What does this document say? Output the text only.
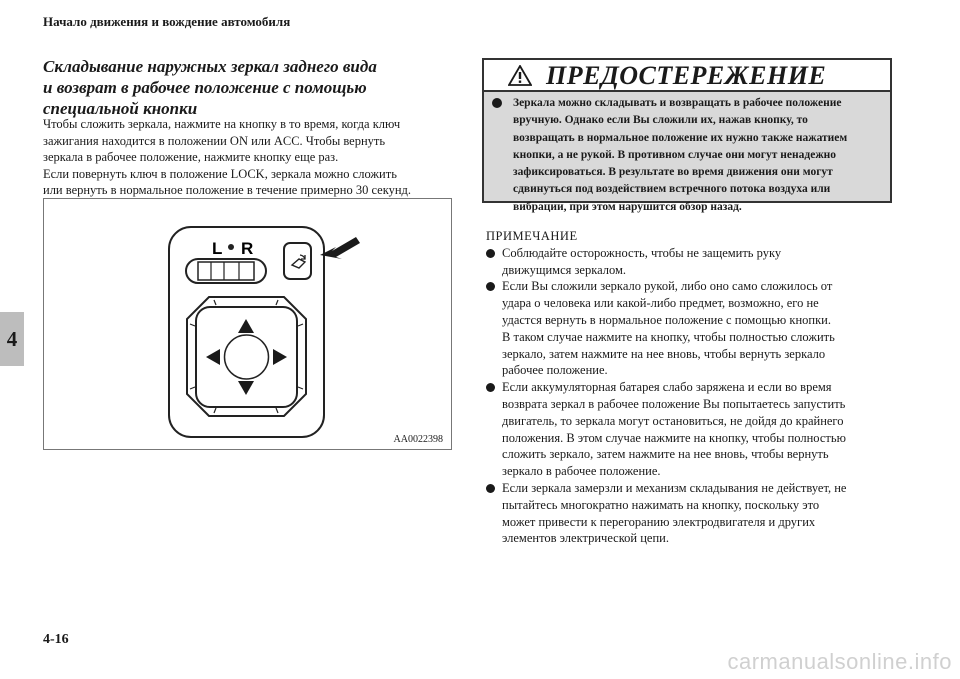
Начало движения и вождение автомобиля
4
Складывание наружных зеркал заднего вида
и возврат в рабочее положение с помощью
специальной кнопки
Чтобы сложить зеркала, нажмите на кнопку в то время, когда ключ
зажигания находится в положении ON или ACC. Чтобы вернуть
зеркала в рабочее положение, нажмите кнопку еще раз.
Если повернуть ключ в положение LOCK, зеркала можно сложить
или вернуть в нормальное положение в течение примерно 30 секунд.
L R
AA0022398
ПРЕДОСТЕРЕЖЕНИЕ
Зеркала можно складывать и возвращать в рабочее положение
вручную. Однако если Вы сложили их, нажав кнопку, то
возвращать в нормальное положение их нужно также нажатием
кнопки, а не рукой. В противном случае они могут ненадежно
зафиксироваться. В результате во время движения они могут
сдвинуться под воздействием встречного потока воздуха или
вибрации, при этом нарушится обзор назад.
ПРИМЕЧАНИЕ
Соблюдайте осторожность, чтобы не защемить руку
движущимся зеркалом.
Если Вы сложили зеркало рукой, либо оно само сложилось от
удара о человека или какой-либо предмет, возможно, его не
удастся вернуть в нормальное положение с помощью кнопки.
В таком случае нажмите на кнопку, чтобы полностью сложить
зеркало, затем нажмите на нее вновь, чтобы вернуть зеркало
рабочее положение.
Если аккумуляторная батарея слабо заряжена и если во время
возврата зеркал в рабочее положение Вы попытаетесь запустить
двигатель, то зеркала могут остановиться, не дойдя до крайнего
положения. В этом случае нажмите на кнопку, чтобы полностью
сложить зеркало, затем нажмите на нее вновь, чтобы вернуть
зеркало в рабочее положение.
Если зеркала замерзли и механизм складывания не действует, не
пытайтесь многократно нажимать на кнопку, поскольку это
может привести к перегоранию электродвигателя и других
элементов электрической цепи.
4-16
carmanualsonline.info
